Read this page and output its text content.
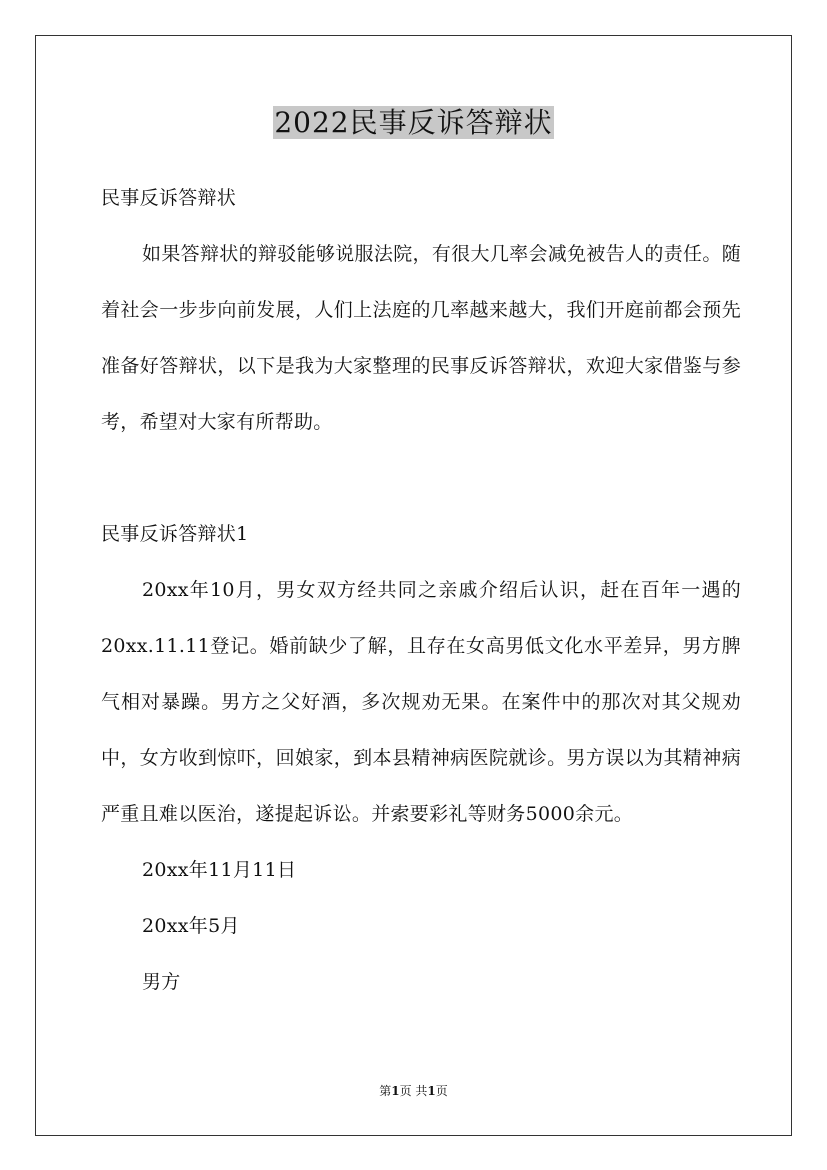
2022民事反诉答辩状

民事反诉答辩状

如果答辩状的辩驳能够说服法院，有很大几率会减免被告人的责任。随着社会一步步向前发展，人们上法庭的几率越来越大，我们开庭前都会预先准备好答辩状，以下是我为大家整理的民事反诉答辩状，欢迎大家借鉴与参考，希望对大家有所帮助。

民事反诉答辩状1

20xx年10月，男女双方经共同之亲戚介绍后认识，赶在百年一遇的20xx.11.11登记。婚前缺少了解，且存在女高男低文化水平差异，男方脾气相对暴躁。男方之父好酒，多次规劝无果。在案件中的那次对其父规劝中，女方收到惊吓，回娘家，到本县精神病医院就诊。男方误以为其精神病严重且难以医治，遂提起诉讼。并索要彩礼等财务5000余元。

20xx年11月11日

20xx年5月

男方

第1页 共1页
